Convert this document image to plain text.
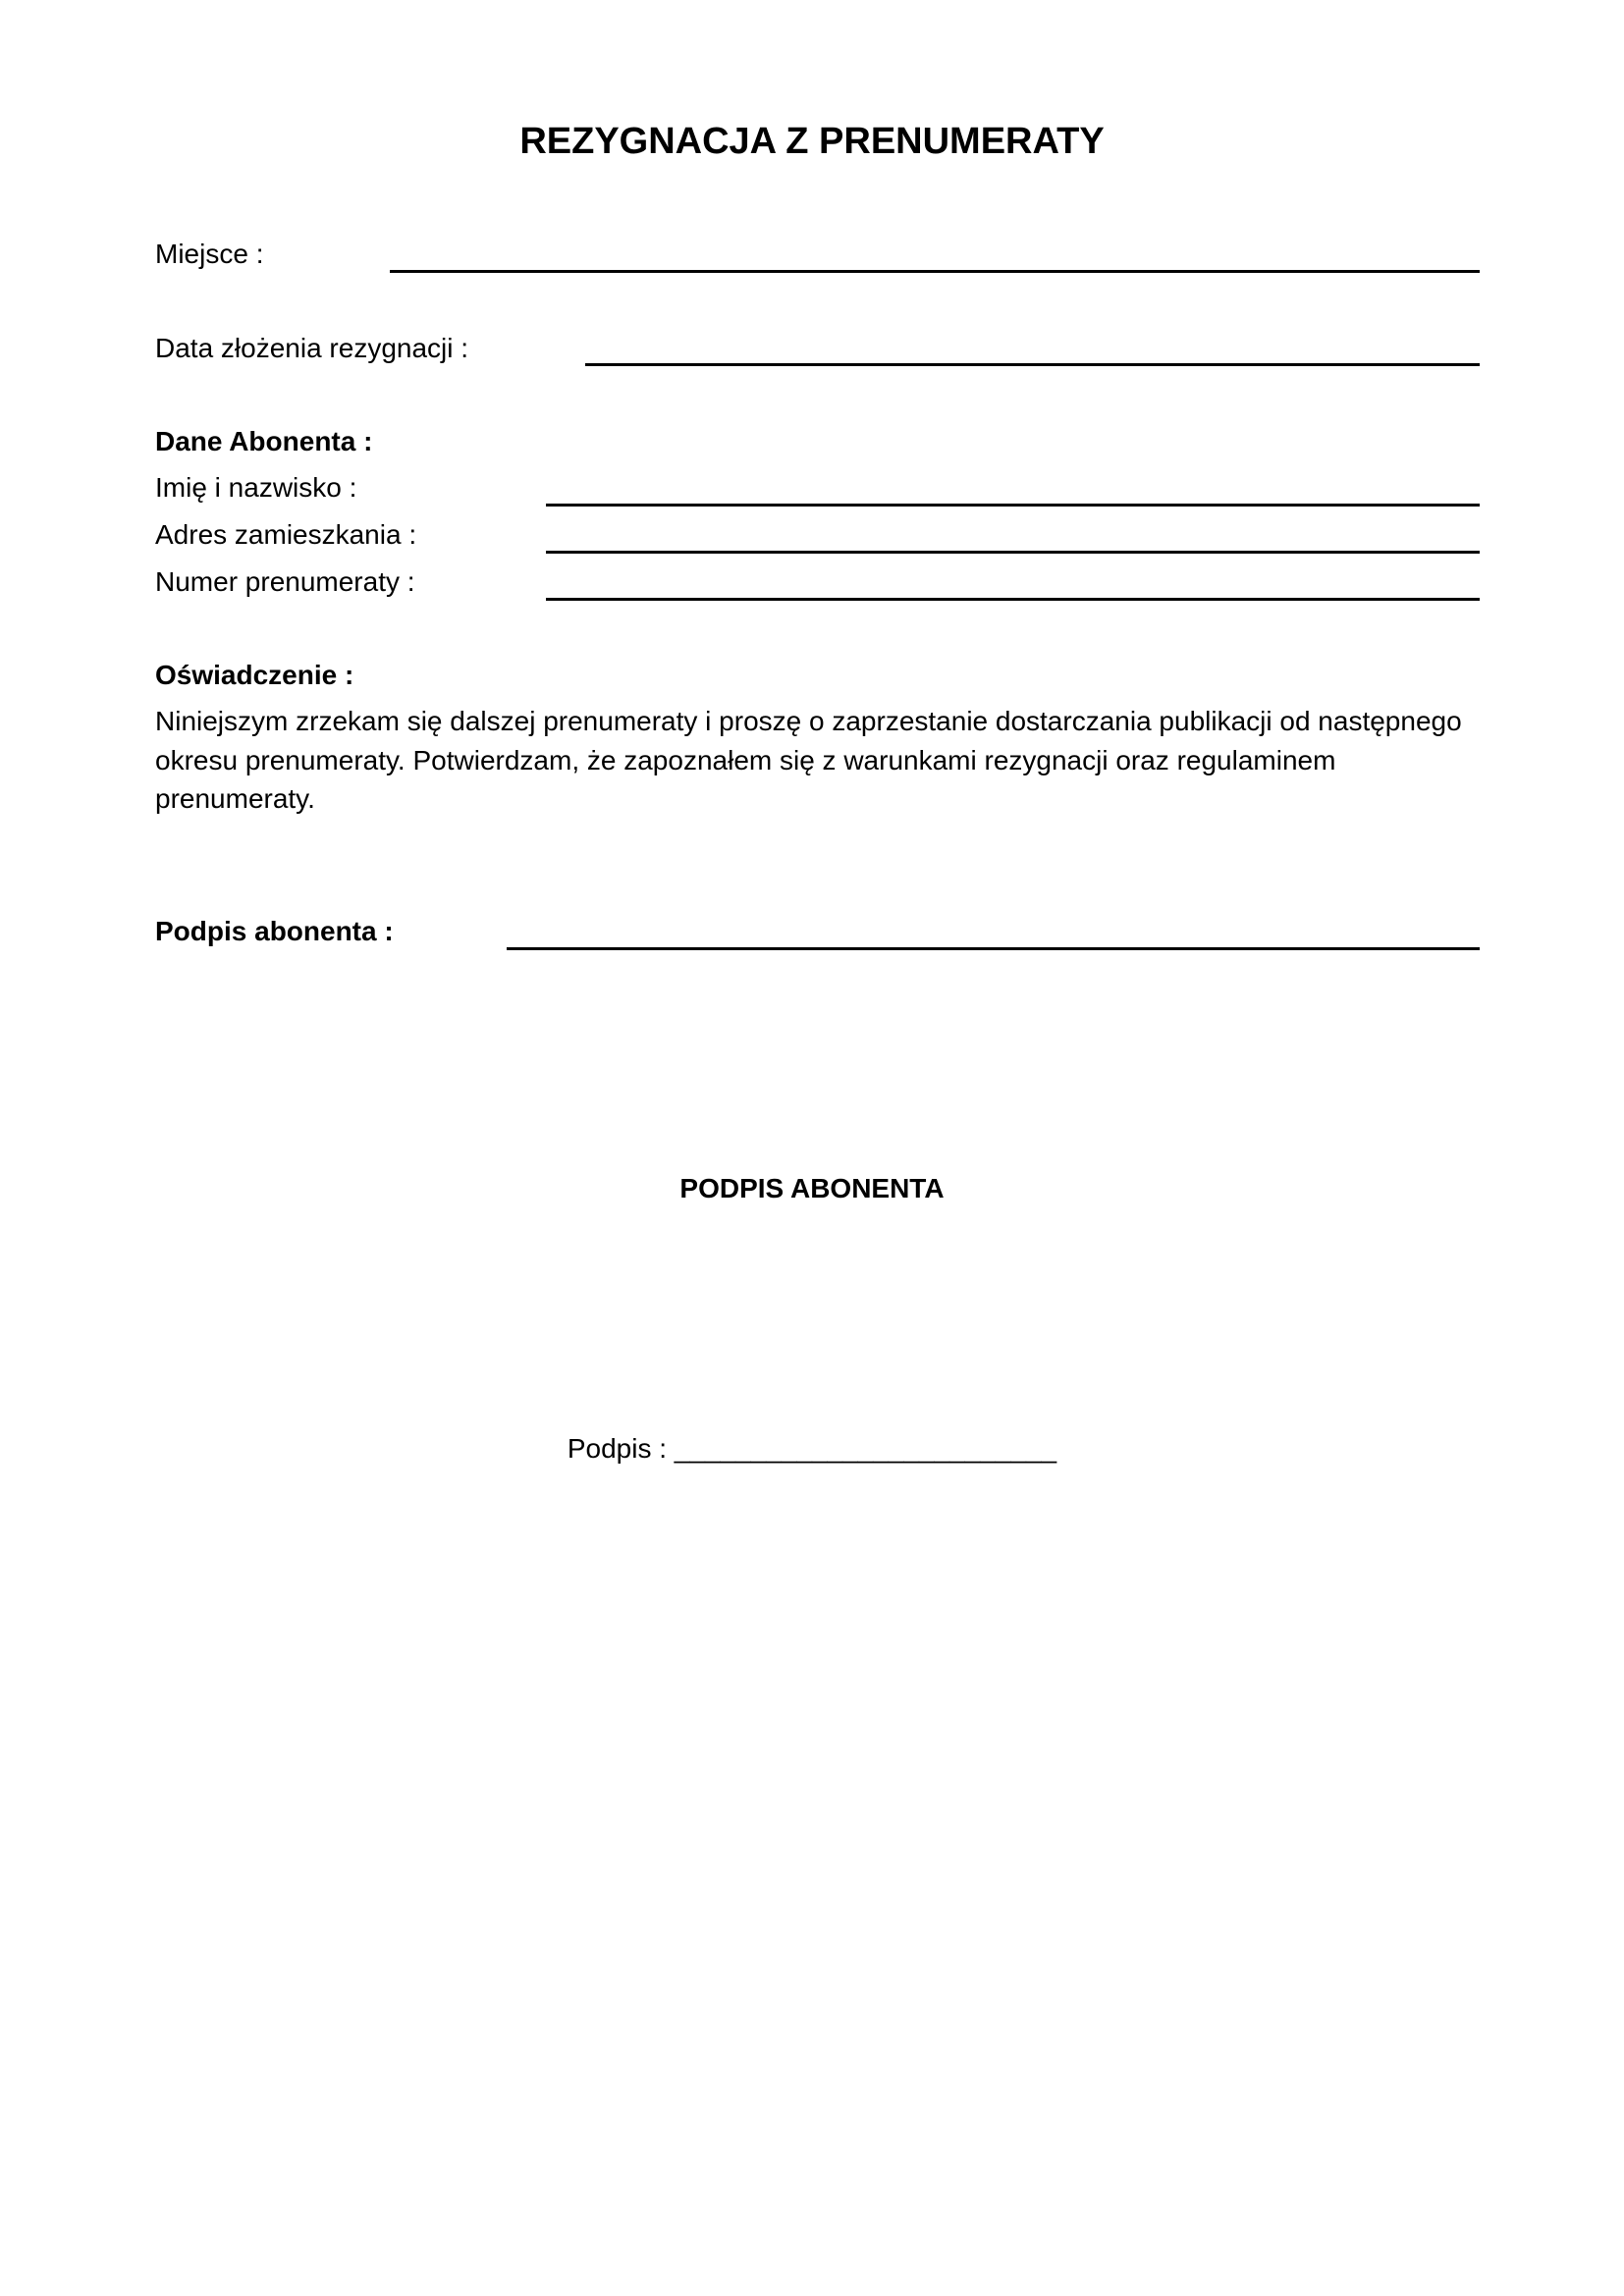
REZYGNACJA Z PRENUMERATY
Miejsce :
Data złożenia rezygnacji :
Dane Abonenta :
Imię i nazwisko :
Adres zamieszkania :
Numer prenumeraty :
Oświadczenie :
Niniejszym zrzekam się dalszej prenumeraty i proszę o zaprzestanie dostarczania publikacji od następnego okresu prenumeraty. Potwierdzam, że zapoznałem się z warunkami rezygnacji oraz regulaminem prenumeraty.
Podpis abonenta :
PODPIS ABONENTA
Podpis : _________________________
